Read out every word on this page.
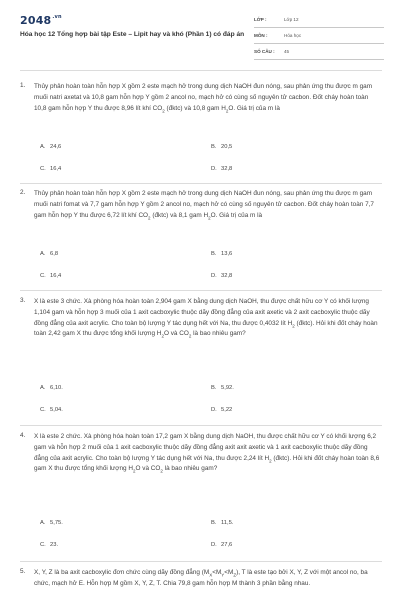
$2048^{.vn}$
Hóa học 12 Tổng hợp bài tập Este – Lipit hay và khó (Phần 1) có đáp án
LỚP :	Lớp 12
MÔN :	Hóa học
SỐ CÂU : 45
1. Thủy phân hoàn toàn hỗn hợp X gồm 2 este mạch hở trong dung dịch NaOH đun nóng, sau phản ứng thu được m gam muối natri axetat và 10,8 gam hỗn hợp Y gồm 2 ancol no, mạch hở có cùng số nguyên tử cacbon. Đốt cháy hoàn toàn 10,8 gam hỗn hợp Y thu được 8,96 lít khí $CO_2$ (đktc) và 10,8 gam $H_2O$. Giá trị của m là

A. 24,6	B. 20,5
C. 16,4	D. 32,8
2. Thủy phân hoàn toàn hỗn hợp X gồm 2 este mạch hở trong dung dịch NaOH đun nóng, sau phản ứng thu được m gam muối natri fomat và 7,7 gam hỗn hợp Y gồm 2 ancol no, mạch hở có cùng số nguyên tử cacbon. Đốt cháy hoàn toàn 7,7 gam hỗn hợp Y thu được 6,72 lít khí $CO_2$ (đktc) và 8,1 gam $H_2O$. Giá trị của m là

A. 6,8	B. 13,6
C. 16,4	D. 32,8
3. X là este 3 chức. Xà phòng hóa hoàn toàn 2,904 gam X bằng dung dịch NaOH, thu được chất hữu cơ Y có khối lượng 1,104 gam và hỗn hợp 3 muối của 1 axit cacboxylic thuộc dãy đồng đẳng của axit axetic và 2 axit cacboxylic thuộc dãy đồng đẳng của axit acrylic. Cho toàn bộ lượng Y tác dụng hết với Na, thu được 0,4032 lít $H_2$ (đktc). Hỏi khi đốt cháy hoàn toàn 2,42 gam X thu được tổng khối lượng $H_2O$ và $CO_2$ là bao nhiêu gam?

A. 6,10.	B. 5,92.
C. 5,04.	D. 5,22
4. X là este 2 chức. Xà phòng hóa hoàn toàn 17,2 gam X bằng dung dịch NaOH, thu được chất hữu cơ Y có khối lượng 6,2 gam và hỗn hợp 2 muối của 1 axit cacboxylic thuộc dãy đồng đẳng axit axit axetic và 1 axit cacboxylic thuộc dãy đồng đẳng của axit acrylic. Cho toàn bộ lượng Y tác dụng hết với Na, thu được 2,24 lít $H_2$ (đktc). Hỏi khi đốt cháy hoàn toàn 8,6 gam X thu được tổng khối lượng $H_2O$ và $CO_2$ là bao nhiêu gam?

A. 5,75.	B. 11,5.
C. 23.	D. 27,6
5. X, Y, Z là ba axit cacboxylic đơn chức cùng dãy đồng đẳng $(M_X<M_Y<M_Z)$, T là este tạo bởi X, Y, Z với một ancol no, ba chức, mạch hở E. Hỗn hợp M gồm X, Y, Z, T. Chia 79,8 gam hỗn hợp M thành 3 phần bằng nhau.
